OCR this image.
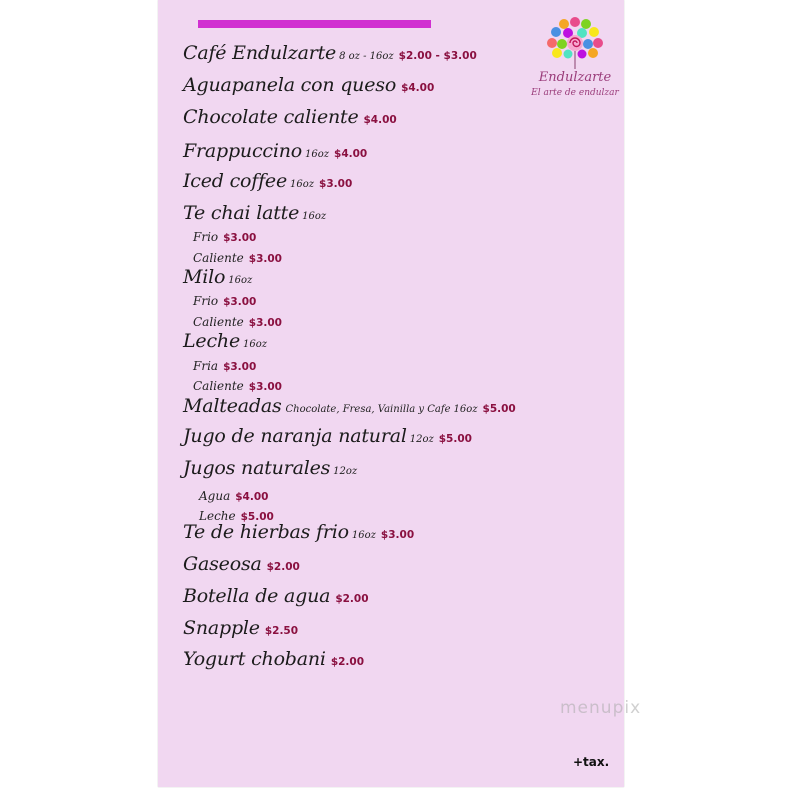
Endulzarte
El arte de endulzar
Café Endulzarte 8 oz - 16oz $2.00 - $3.00
Aguapanela con queso $4.00
Chocolate caliente $4.00
Frappuccino 16oz $4.00
Iced coffee 16oz $3.00
Te chai latte 16oz
Frio $3.00
Caliente $3.00
Milo 16oz
Frio $3.00
Caliente $3.00
Leche 16oz
Fria $3.00
Caliente $3.00
Malteadas Chocolate, Fresa, Vainilla y Cafe 16oz $5.00
Jugo de naranja natural 12oz $5.00
Jugos naturales 12oz
Agua $4.00
Leche $5.00
Te de hierbas frio 16oz $3.00
Gaseosa $2.00
Botella de agua $2.00
Snapple $2.50
Yogurt chobani $2.00
menupix
+tax.
